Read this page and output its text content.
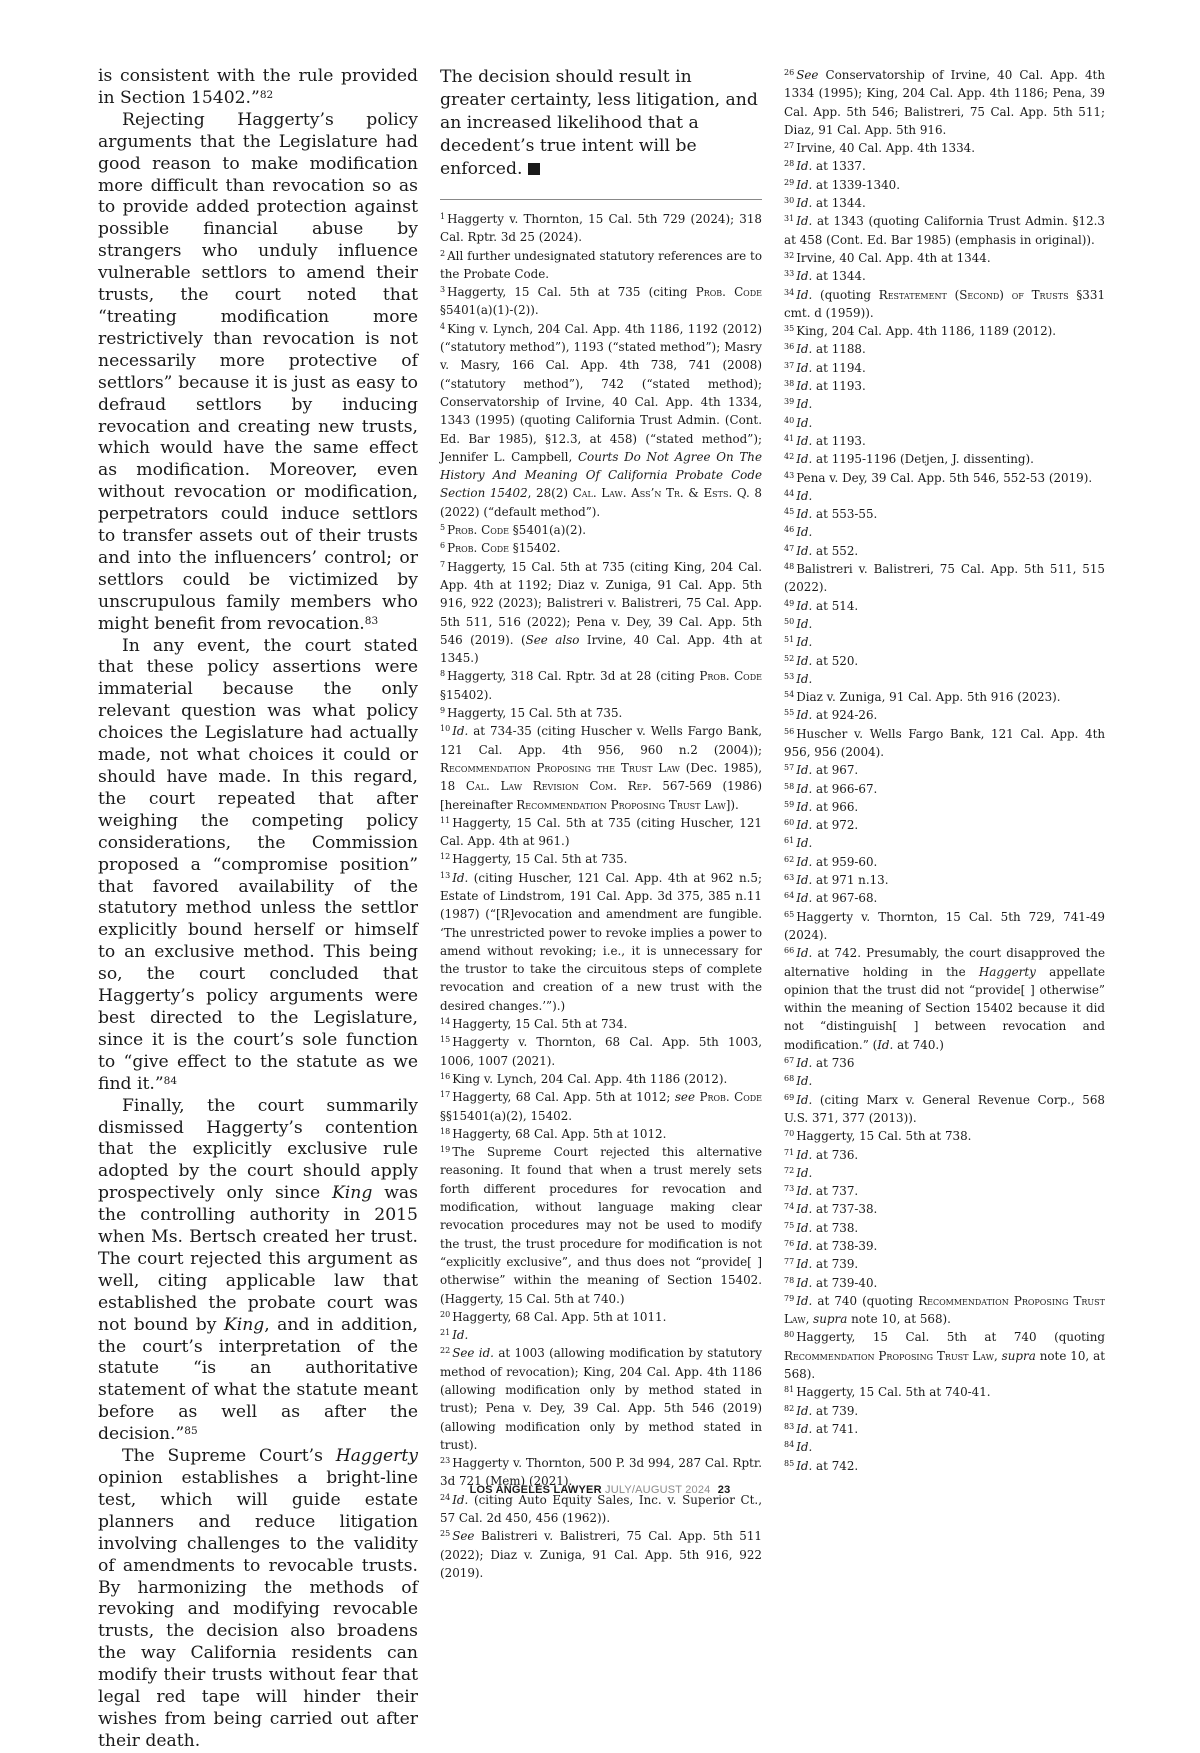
is consistent with the rule provided in Section 15402.”$^{82}$

Rejecting Haggerty’s policy arguments that the Legislature had good reason to make modification more difficult than revocation so as to provide added protection against possible financial abuse by strangers who unduly influence vulnerable settlors to amend their trusts, the court noted that “treating modification more restrictively than revocation is not necessarily more protective of settlors” because it is just as easy to defraud settlors by inducing revocation and creating new trusts, which would have the same effect as modification. Moreover, even without revocation or modification, perpetrators could induce settlors to transfer assets out of their trusts and into the influencers’ control; or settlors could be victimized by unscrupulous family members who might benefit from revocation.$^{83}$

In any event, the court stated that these policy assertions were immaterial because the only relevant question was what policy choices the Legislature had actually made, not what choices it could or should have made. In this regard, the court repeated that after weighing the competing policy considerations, the Commission proposed a “compromise position” that favored availability of the statutory method unless the settlor explicitly bound herself or himself to an exclusive method. This being so, the court concluded that Haggerty’s policy arguments were best directed to the Legislature, since it is the court’s sole function to “give effect to the statute as we find it.”$^{84}$

Finally, the court summarily dismissed Haggerty’s contention that the explicitly exclusive rule adopted by the court should apply prospectively only since King was the controlling authority in 2015 when Ms. Bertsch created her trust. The court rejected this argument as well, citing applicable law that established the probate court was not bound by King, and in addition, the court’s interpretation of the statute “is an authoritative statement of what the statute meant before as well as after the decision.”$^{85}$

The Supreme Court’s Haggerty opinion establishes a bright-line test, which will guide estate planners and reduce litigation involving challenges to the validity of amendments to revocable trusts. By harmonizing the methods of revoking and modifying revocable trusts, the decision also broadens the way California residents can modify their trusts without fear that legal red tape will hinder their wishes from being carried out after their death.

The decision should result in greater certainty, less litigation, and an increased likelihood that a decedent’s true intent will be enforced.

$^1$ Haggerty v. Thornton, 15 Cal. 5th 729 (2024); 318 Cal. Rptr. 3d 25 (2024).

$^2$ All further undesignated statutory references are to the Probate Code.

$^3$ Haggerty, 15 Cal. 5th at 735 (citing Prob. Code §5401(a)(1)-(2)).

$^4$ King v. Lynch, 204 Cal. App. 4th 1186, 1192 (2012) (“statutory method”), 1193 (“stated method”); Masry v. Masry, 166 Cal. App. 4th 738, 741 (2008) (“statutory method”), 742 (“stated method); Conservatorship of Irvine, 40 Cal. App. 4th 1334, 1343 (1995) (quoting California Trust Admin. (Cont. Ed. Bar 1985), §12.3, at 458) (“stated method”); Jennifer L. Campbell, Courts Do Not Agree On The History And Meaning Of California Probate Code Section 15402, 28(2) Cal. Law. Ass’n Tr. & Ests. Q. 8 (2022) (“default method”).

$^5$ Prob. Code §5401(a)(2).

$^6$ Prob. Code §15402.

$^7$ Haggerty, 15 Cal. 5th at 735 (citing King, 204 Cal. App. 4th at 1192; Diaz v. Zuniga, 91 Cal. App. 5th 916, 922 (2023); Balistreri v. Balistreri, 75 Cal. App. 5th 511, 516 (2022); Pena v. Dey, 39 Cal. App. 5th 546 (2019). (See also Irvine, 40 Cal. App. 4th at 1345.)

$^8$ Haggerty, 318 Cal. Rptr. 3d at 28 (citing Prob. Code §15402).

$^9$ Haggerty, 15 Cal. 5th at 735.

$^{10}$ Id. at 734-35 (citing Huscher v. Wells Fargo Bank, 121 Cal. App. 4th 956, 960 n.2 (2004)); Recommendation Proposing the Trust Law (Dec. 1985), 18 Cal. Law Revision Com. Rep. 567-569 (1986) [hereinafter Recommendation Proposing Trust Law]).

$^{11}$ Haggerty, 15 Cal. 5th at 735 (citing Huscher, 121 Cal. App. 4th at 961.)

$^{12}$ Haggerty, 15 Cal. 5th at 735.

$^{13}$ Id. (citing Huscher, 121 Cal. App. 4th at 962 n.5; Estate of Lindstrom, 191 Cal. App. 3d 375, 385 n.11 (1987) (“[R]evocation and amendment are fungible. ‘The unrestricted power to revoke implies a power to amend without revoking; i.e., it is unnecessary for the trustor to take the circuitous steps of complete revocation and creation of a new trust with the desired changes.’”).)

$^{14}$ Haggerty, 15 Cal. 5th at 734.

$^{15}$ Haggerty v. Thornton, 68 Cal. App. 5th 1003, 1006, 1007 (2021).

$^{16}$ King v. Lynch, 204 Cal. App. 4th 1186 (2012).

$^{17}$ Haggerty, 68 Cal. App. 5th at 1012; see Prob. Code §§15401(a)(2), 15402.

$^{18}$ Haggerty, 68 Cal. App. 5th at 1012.

$^{19}$ The Supreme Court rejected this alternative reasoning. It found that when a trust merely sets forth different procedures for revocation and modification, without language making clear revocation procedures may not be used to modify the trust, the trust procedure for modification is not “explicitly exclusive”, and thus does not “provide[ ] otherwise” within the meaning of Section 15402. (Haggerty, 15 Cal. 5th at 740.)

$^{20}$ Haggerty, 68 Cal. App. 5th at 1011.

$^{21}$ Id.

$^{22}$ See id. at 1003 (allowing modification by statutory method of revocation); King, 204 Cal. App. 4th 1186 (allowing modification only by method stated in trust); Pena v. Dey, 39 Cal. App. 5th 546 (2019) (allowing modification only by method stated in trust).

$^{23}$ Haggerty v. Thornton, 500 P. 3d 994, 287 Cal. Rptr. 3d 721 (Mem) (2021).

$^{24}$ Id. (citing Auto Equity Sales, Inc. v. Superior Ct., 57 Cal. 2d 450, 456 (1962)).

$^{25}$ See Balistreri v. Balistreri, 75 Cal. App. 5th 511 (2022); Diaz v. Zuniga, 91 Cal. App. 5th 916, 922 (2019).

$^{26}$ See Conservatorship of Irvine, 40 Cal. App. 4th 1334 (1995); King, 204 Cal. App. 4th 1186; Pena, 39 Cal. App. 5th 546; Balistreri, 75 Cal. App. 5th 511; Diaz, 91 Cal. App. 5th 916.

$^{27}$ Irvine, 40 Cal. App. 4th 1334.

$^{28}$ Id. at 1337.

$^{29}$ Id. at 1339-1340.

$^{30}$ Id. at 1344.

$^{31}$ Id. at 1343 (quoting California Trust Admin. §12.3 at 458 (Cont. Ed. Bar 1985) (emphasis in original)).

$^{32}$ Irvine, 40 Cal. App. 4th at 1344.

$^{33}$ Id. at 1344.

$^{34}$ Id. (quoting Restatement (Second) of Trusts §331 cmt. d (1959)).

$^{35}$ King, 204 Cal. App. 4th 1186, 1189 (2012).

$^{36}$ Id. at 1188.

$^{37}$ Id. at 1194.

$^{38}$ Id. at 1193.

$^{39}$ Id.

$^{40}$ Id.

$^{41}$ Id. at 1193.

$^{42}$ Id. at 1195-1196 (Detjen, J. dissenting).

$^{43}$ Pena v. Dey, 39 Cal. App. 5th 546, 552-53 (2019).

$^{44}$ Id.

$^{45}$ Id. at 553-55.

$^{46}$ Id.

$^{47}$ Id. at 552.

$^{48}$ Balistreri v. Balistreri, 75 Cal. App. 5th 511, 515 (2022).

$^{49}$ Id. at 514.

$^{50}$ Id.

$^{51}$ Id.

$^{52}$ Id. at 520.

$^{53}$ Id.

$^{54}$ Diaz v. Zuniga, 91 Cal. App. 5th 916 (2023).

$^{55}$ Id. at 924-26.

$^{56}$ Huscher v. Wells Fargo Bank, 121 Cal. App. 4th 956, 956 (2004).

$^{57}$ Id. at 967.

$^{58}$ Id. at 966-67.

$^{59}$ Id. at 966.

$^{60}$ Id. at 972.

$^{61}$ Id.

$^{62}$ Id. at 959-60.

$^{63}$ Id. at 971 n.13.

$^{64}$ Id. at 967-68.

$^{65}$ Haggerty v. Thornton, 15 Cal. 5th 729, 741-49 (2024).

$^{66}$ Id. at 742. Presumably, the court disapproved the alternative holding in the Haggerty appellate opinion that the trust did not “provide[ ] otherwise” within the meaning of Section 15402 because it did not “distinguish[ ] between revocation and modification.” (Id. at 740.)

$^{67}$ Id. at 736

$^{68}$ Id.

$^{69}$ Id. (citing Marx v. General Revenue Corp., 568 U.S. 371, 377 (2013)).

$^{70}$ Haggerty, 15 Cal. 5th at 738.

$^{71}$ Id. at 736.

$^{72}$ Id.

$^{73}$ Id. at 737.

$^{74}$ Id. at 737-38.

$^{75}$ Id. at 738.

$^{76}$ Id. at 738-39.

$^{77}$ Id. at 739.

$^{78}$ Id. at 739-40.

$^{79}$ Id. at 740 (quoting Recommendation Proposing Trust Law, supra note 10, at 568).

$^{80}$ Haggerty, 15 Cal. 5th at 740 (quoting Recommendation Proposing Trust Law, supra note 10, at 568).

$^{81}$ Haggerty, 15 Cal. 5th at 740-41.

$^{82}$ Id. at 739.

$^{83}$ Id. at 741.

$^{84}$ Id.

$^{85}$ Id. at 742.

LOS ANGELES LAWYER JULY/AUGUST 2024 23
